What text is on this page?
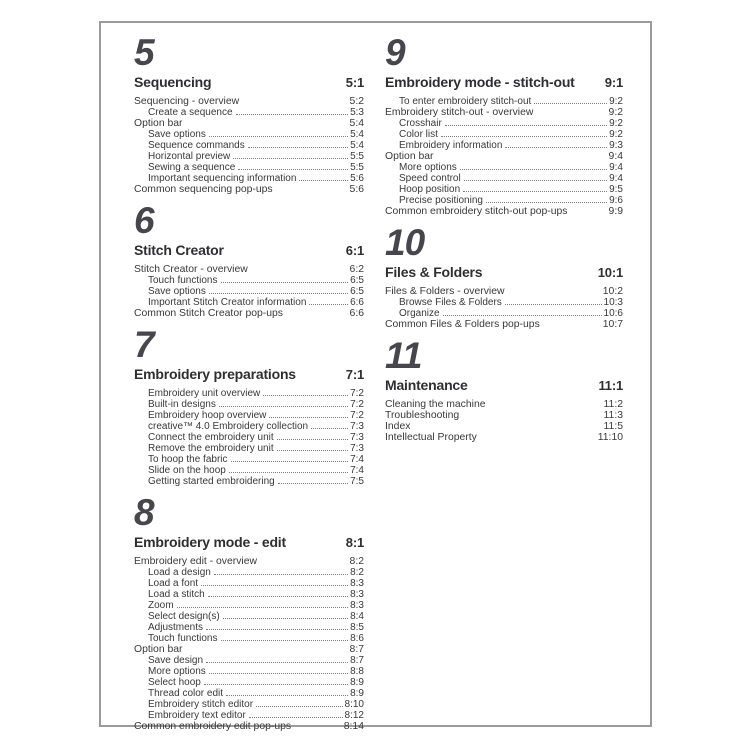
5
Sequencing	5:1
Sequencing - overview	5:2
Create a sequence	5:3
Option bar	5:4
Save options	5:4
Sequence commands	5:4
Horizontal preview	5:5
Sewing a sequence	5:5
Important sequencing information	5:6
Common sequencing pop-ups	5:6
6
Stitch Creator	6:1
Stitch Creator - overview	6:2
Touch functions	6:5
Save options	6:5
Important Stitch Creator information	6:6
Common Stitch Creator pop-ups	6:6
7
Embroidery preparations	7:1
Embroidery unit overview	7:2
Built-in designs	7:2
Embroidery hoop overview	7:2
creative™ 4.0 Embroidery collection	7:3
Connect the embroidery unit	7:3
Remove the embroidery unit	7:3
To hoop the fabric	7:4
Slide on the hoop	7:4
Getting started embroidering	7:5
8
Embroidery mode - edit	8:1
Embroidery edit - overview	8:2
Load a design	8:2
Load a font	8:3
Load a stitch	8:3
Zoom	8:3
Select design(s)	8:4
Adjustments	8:5
Touch functions	8:6
Option bar	8:7
Save design	8:7
More options	8:8
Select hoop	8:9
Thread color edit	8:9
Embroidery stitch editor	8:10
Embroidery text editor	8:12
Common embroidery edit pop-ups	8:14
9
Embroidery mode - stitch-out	9:1
To enter embroidery stitch-out	9:2
Embroidery stitch-out - overview	9:2
Crosshair	9:2
Color list	9:2
Embroidery information	9:3
Option bar	9:4
More options	9:4
Speed control	9:4
Hoop position	9:5
Precise positioning	9:6
Common embroidery stitch-out pop-ups	9:9
10
Files & Folders	10:1
Files & Folders - overview	10:2
Browse Files & Folders	10:3
Organize	10:6
Common Files & Folders pop-ups	10:7
11
Maintenance	11:1
Cleaning the machine	11:2
Troubleshooting	11:3
Index	11:5
Intellectual Property	11:10
